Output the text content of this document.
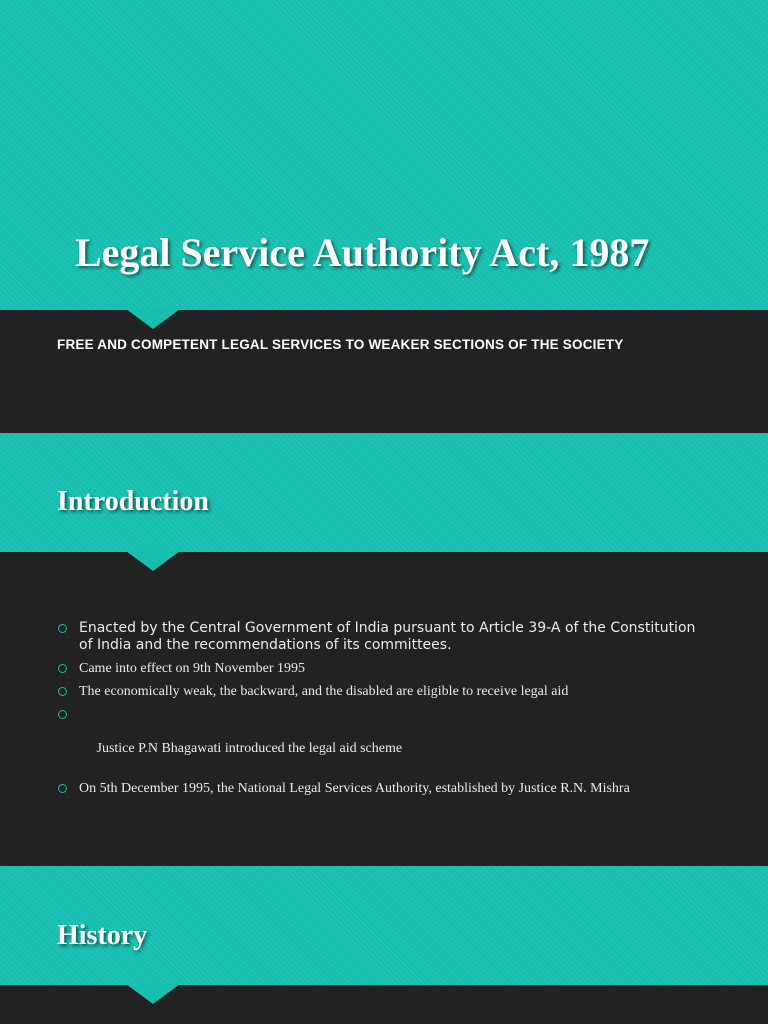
Legal Service Authority Act, 1987
FREE AND COMPETENT LEGAL SERVICES TO WEAKER SECTIONS OF THE SOCIETY
Introduction
Enacted by the Central Government of India pursuant to Article 39-A of the Constitution of India and the recommendations of its committees.
Came into effect on 9th November 1995
The economically weak, the backward, and the disabled are eligible to receive legal aid

Justice P.N Bhagawati introduced the legal aid scheme

On 5th December 1995, the National Legal Services Authority, established by Justice R.N. Mishra
History
